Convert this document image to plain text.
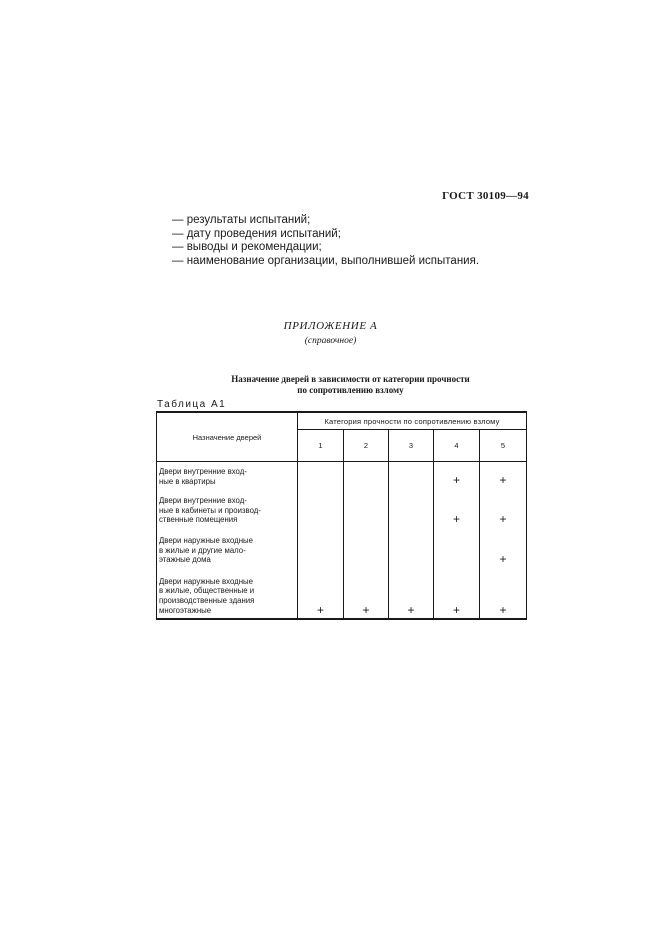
ГОСТ 30109—94
— результаты испытаний;
— дату проведения испытаний;
— выводы и рекомендации;
— наименование организации, выполнившей испытания.
ПРИЛОЖЕНИЕ А
(справочное)
Назначение дверей в зависимости от категории прочности
по сопротивлению взлому
Таблица А1
Назначение дверей	Категория прочности по сопротивлению взлому				
	1	2	3	4	5

Двери внутренние вход-
ные в квартиры				+	+

Двери внутренние вход-
ные в кабинеты и производ-
ственные помещения				+	+

Двери наружные входные
в жилые и другие мало-
этажные дома					+

Двери наружные входные
в жилые, общественные и
производственные здания
многоэтажные	+	+	+	+	+
